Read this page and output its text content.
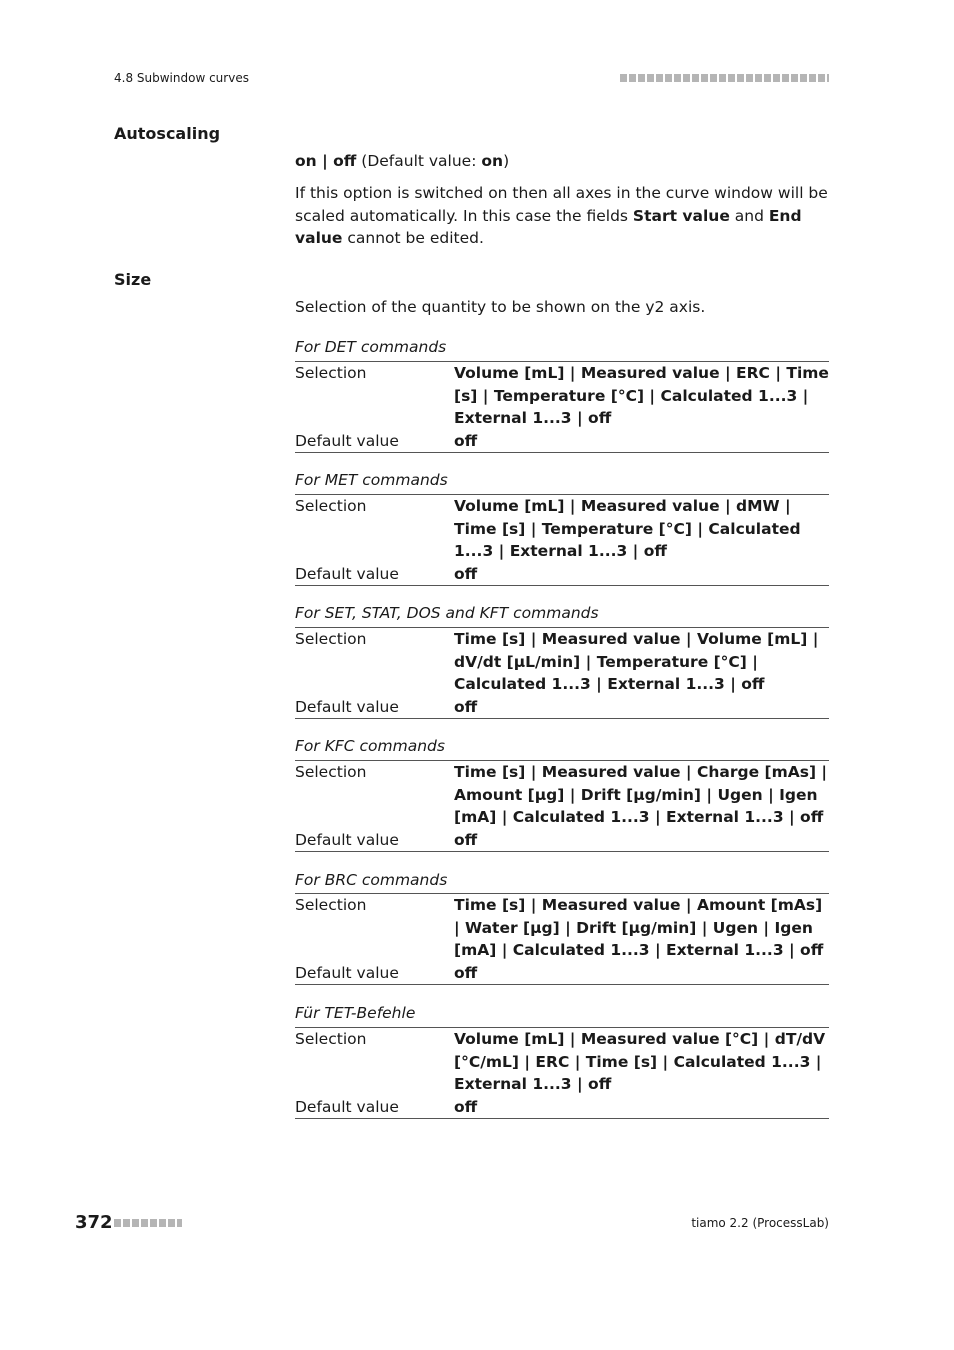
4.8 Subwindow curves
Autoscaling
on | off (Default value: on)
If this option is switched on then all axes in the curve window will be scaled automatically. In this case the fields Start value and End value cannot be edited.
Size
Selection of the quantity to be shown on the y2 axis.
For DET commands
Selection	Volume [mL] | Measured value | ERC | Time [s] | Temperature [°C] | Calculated 1...3 | External 1...3 | off
Default value	off
For MET commands
Selection	Volume [mL] | Measured value | dMW | Time [s] | Temperature [°C] | Calculated 1...3 | External 1...3 | off
Default value	off
For SET, STAT, DOS and KFT commands
Selection	Time [s] | Measured value | Volume [mL] | dV/dt [µL/min] | Temperature [°C] | Calculated 1...3 | External 1...3 | off
Default value	off
For KFC commands
Selection	Time [s] | Measured value | Charge [mAs] | Amount [µg] | Drift [µg/min] | Ugen | Igen [mA] | Calculated 1...3 | External 1...3 | off
Default value	off
For BRC commands
Selection	Time [s] | Measured value | Amount [mAs] | Water [µg] | Drift [µg/min] | Ugen | Igen [mA] | Calculated 1...3 | External 1...3 | off
Default value	off
Für TET-Befehle
Selection	Volume [mL] | Measured value [°C] | dT/dV [°C/mL] | ERC | Time [s] | Calculated 1...3 | External 1...3 | off
Default value	off
372	tiamo 2.2 (ProcessLab)
